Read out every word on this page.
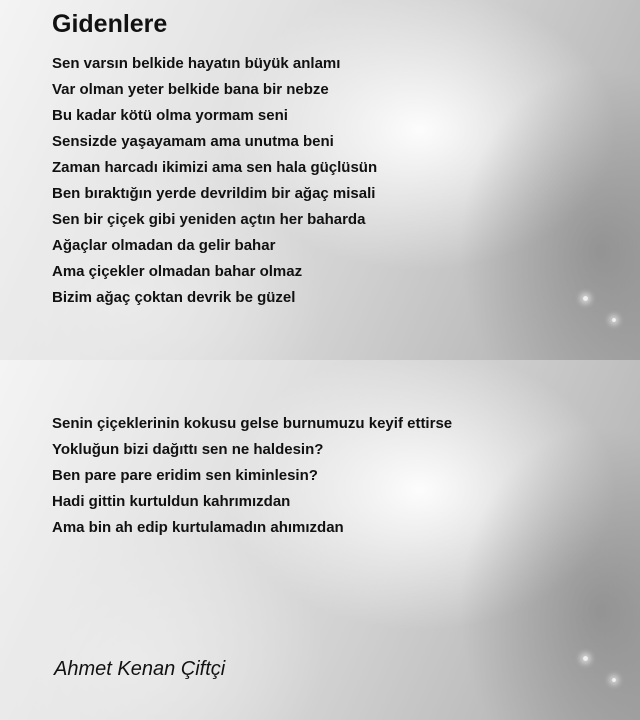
Gidenlere
Sen varsın belkide hayatın büyük anlamı
Var olman yeter belkide bana bir nebze
Bu kadar kötü olma yormam seni
Sensizde yaşayamam ama unutma beni
Zaman harcadı ikimizi ama sen hala güçlüsün
Ben bıraktığın yerde devrildim bir ağaç misali
Sen bir çiçek gibi yeniden açtın her baharda
Ağaçlar olmadan da gelir bahar
Ama çiçekler olmadan bahar olmaz
Bizim ağaç çoktan devrik be güzel
Senin çiçeklerinin kokusu gelse burnumuzu keyif ettirse
Yokluğun bizi dağıttı sen ne haldesin?
Ben pare pare eridim sen kiminlesin?
Hadi gittin kurtuldun kahrımızdan
Ama bin ah edip kurtulamadın ahımızdan

Ahmet Kenan Çiftçi
